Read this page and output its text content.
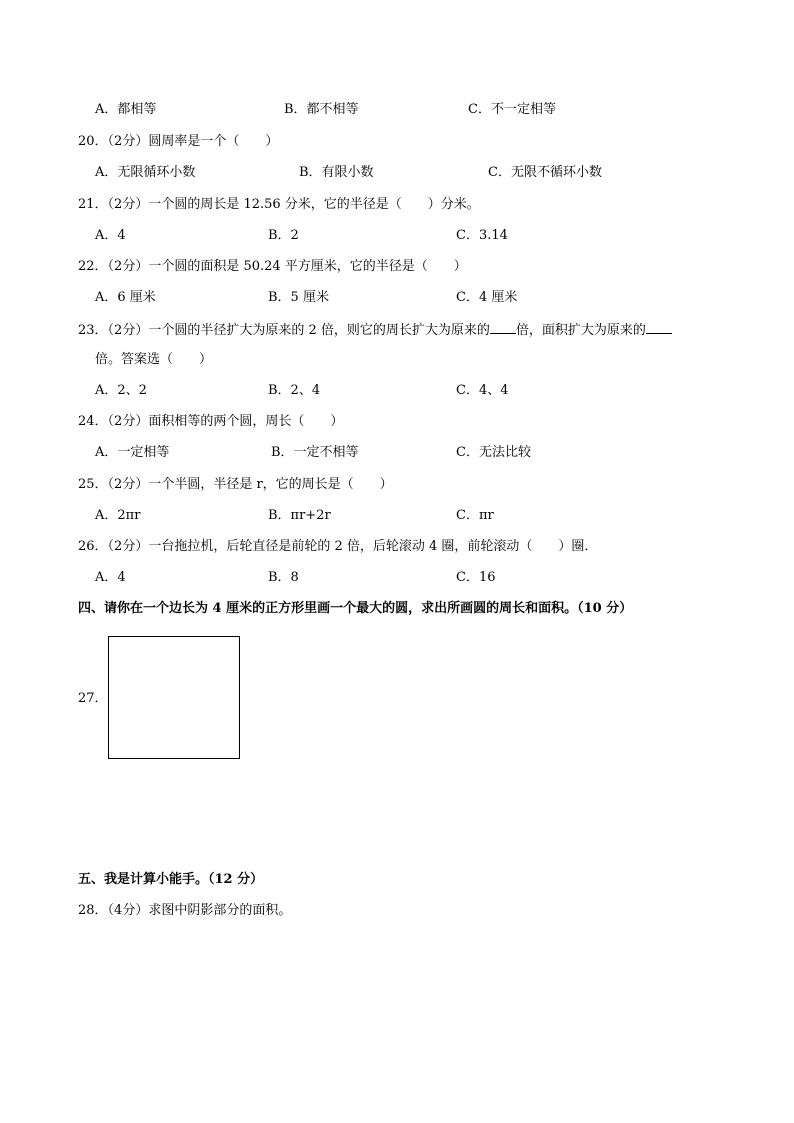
A．都相等	B．都不相等	C．不一定相等
20．（2分）圆周率是一个（　　）
A．无限循环小数	B．有限小数	C．无限不循环小数
21．（2分）一个圆的周长是 12.56 分米，它的半径是（　　）分米。
A．4	B．2	C．3.14
22．（2分）一个圆的面积是 50.24 平方厘米，它的半径是（　　）
A．6 厘米	B．5 厘米	C．4 厘米
23．（2分）一个圆的半径扩大为原来的 2 倍，则它的周长扩大为原来的 倍，面积扩大为原来的
倍。答案选（　　）
A．2、2	B．2、4	C．4、4
24．（2分）面积相等的两个圆，周长（　　）
A．一定相等	B．一定不相等	C．无法比较
25．（2分）一个半圆，半径是 r，它的周长是（　　）
A．2πr	B．πr+2r	C．πr
26．（2分）一台拖拉机，后轮直径是前轮的 2 倍，后轮滚动 4 圈，前轮滚动（　　）圈．
A．4	B．8	C．16
四、请你在一个边长为 4 厘米的正方形里画一个最大的圆，求出所画圆的周长和面积。（10 分）
27．
五、我是计算小能手。（12 分）
28．（4分）求图中阴影部分的面积。
